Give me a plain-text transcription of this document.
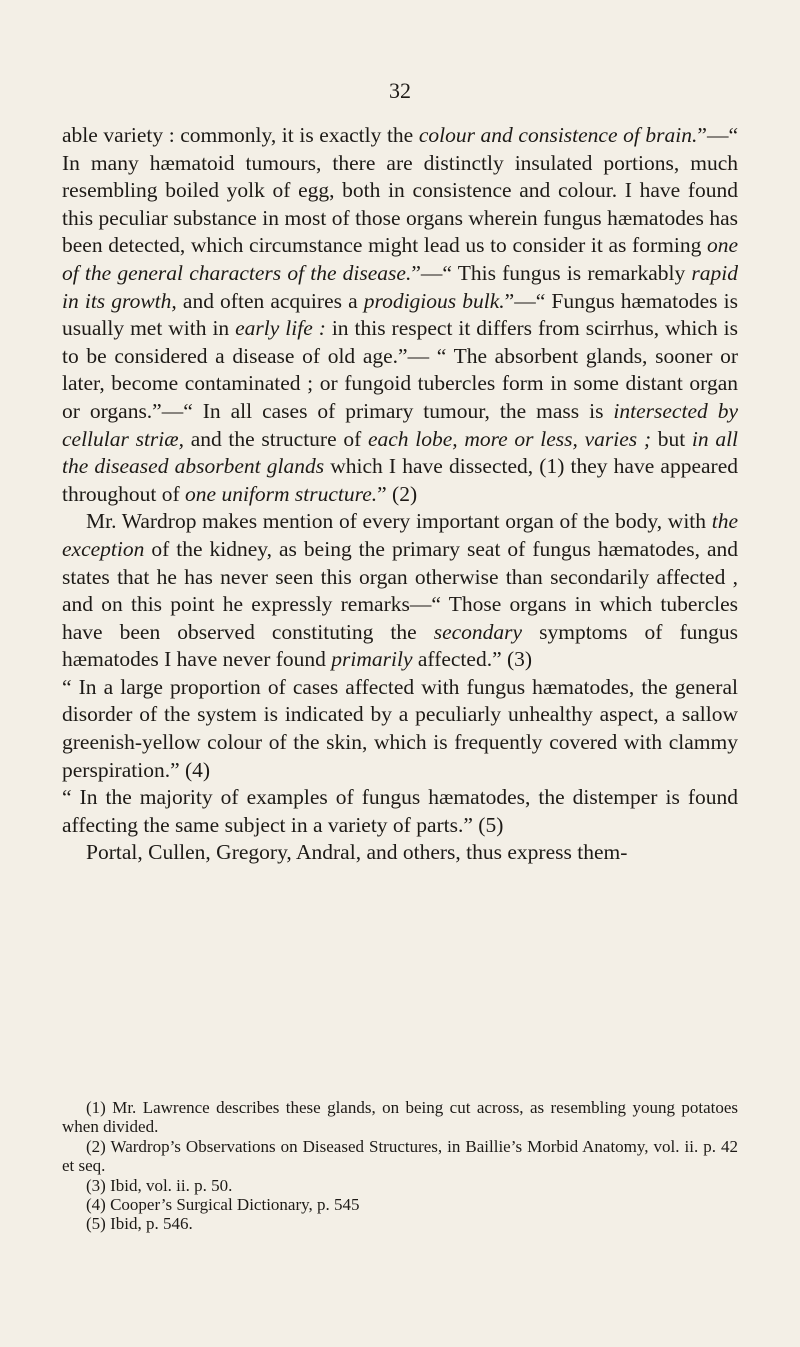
32

able variety : commonly, it is exactly the colour and consistence of brain.”—“ In many hæmatoid tumours, there are distinctly insulated portions, much resembling boiled yolk of egg, both in consistence and colour. I have found this peculiar substance in most of those organs wherein fungus hæmatodes has been detected, which circumstance might lead us to consider it as forming one of the general characters of the disease.”—“ This fungus is remarkably rapid in its growth, and often acquires a prodigious bulk.”—“ Fungus hæmatodes is usually met with in early life : in this respect it differs from scirrhus, which is to be considered a disease of old age.”— “ The absorbent glands, sooner or later, become contaminated ; or fungoid tubercles form in some distant organ or organs.”—“ In all cases of primary tumour, the mass is intersected by cellular striæ, and the structure of each lobe, more or less, varies ; but in all the diseased absorbent glands which I have dissected, (1) they have appeared throughout of one uniform structure.” (2)

Mr. Wardrop makes mention of every important organ of the body, with the exception of the kidney, as being the primary seat of fungus hæmatodes, and states that he has never seen this organ otherwise than secondarily affected , and on this point he expressly remarks—“ Those organs in which tubercles have been observed constituting the secondary symptoms of fungus hæmatodes I have never found primarily affected.” (3)

“ In a large proportion of cases affected with fungus hæmatodes, the general disorder of the system is indicated by a peculiarly unhealthy aspect, a sallow greenish-yellow colour of the skin, which is frequently covered with clammy perspiration.” (4)

“ In the majority of examples of fungus hæmatodes, the distemper is found affecting the same subject in a variety of parts.” (5)

Portal, Cullen, Gregory, Andral, and others, thus express them-

(1) Mr. Lawrence describes these glands, on being cut across, as resembling young potatoes when divided.

(2) Wardrop’s Observations on Diseased Structures, in Baillie’s Morbid Anatomy, vol. ii. p. 42 et seq.

(3) Ibid, vol. ii. p. 50.

(4) Cooper’s Surgical Dictionary, p. 545

(5) Ibid, p. 546.
